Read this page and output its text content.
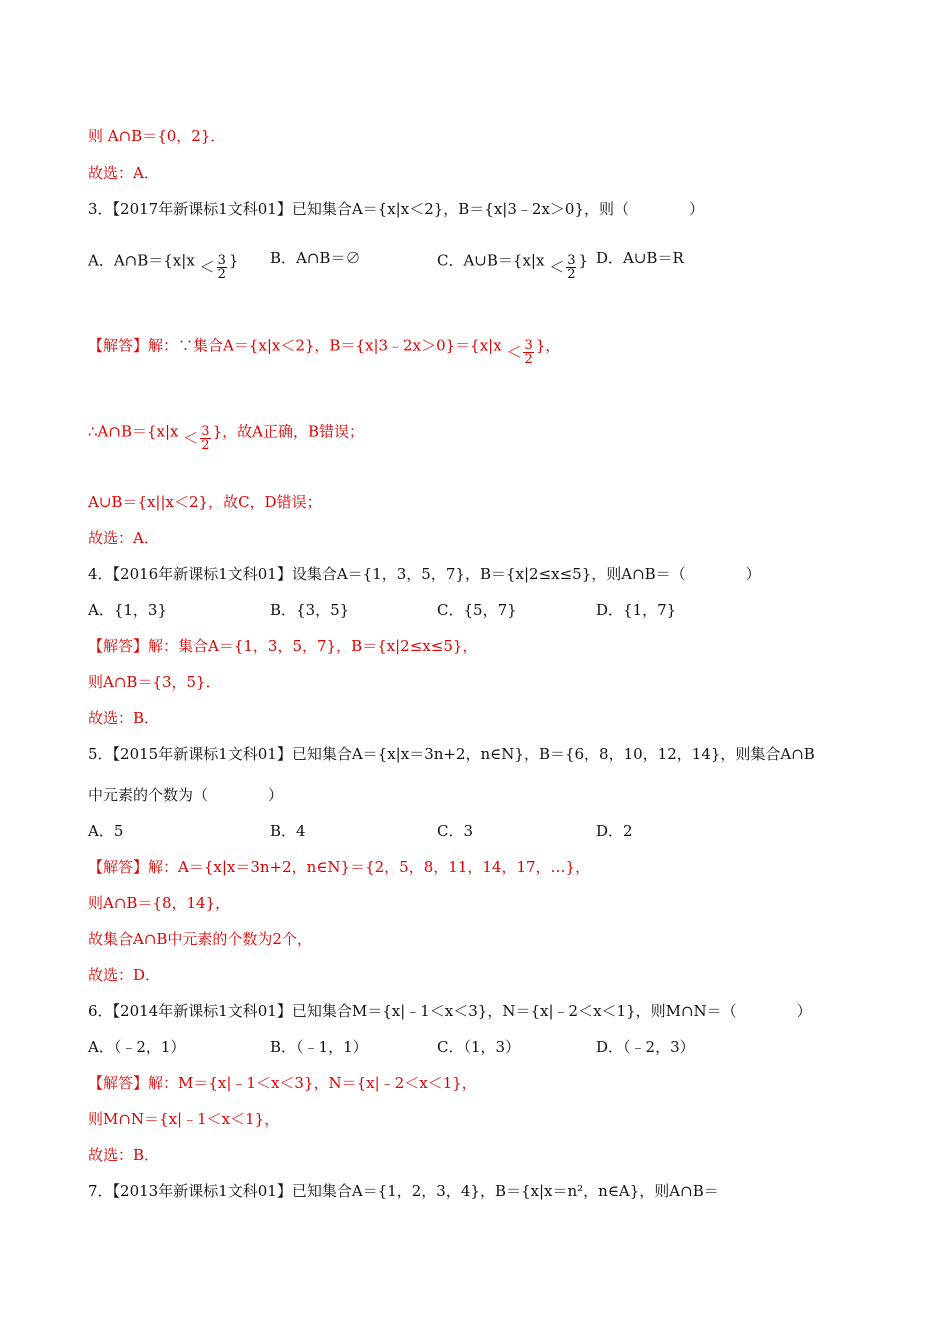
则 A∩B＝{0，2}．
故选：A．
3．【2017年新课标1文科01】已知集合A＝{x|x＜2}，B＝{x|3﹣2x＞0}，则（　　　　）
A．A∩B＝{x|x ＜ $\frac{3}{2}$ } B．A∩B＝∅	C．A∪B＝{x|x ＜ $\frac{3}{2}$ } D．A∪B＝R
【解答】解：∵集合A＝{x|x＜2}，B＝{x|3﹣2x＞0}＝{x|x ＜ $\frac{3}{2}$ }，
∴A∩B＝{x|x ＜ $\frac{3}{2}$ }，故A正确，B错误；
A∪B＝{x||x＜2}，故C，D错误；
故选：A．
4．【2016年新课标1文科01】设集合A＝{1，3，5，7}，B＝{x|2≤x≤5}，则A∩B＝（　　　　）
A．{1，3}	B．{3，5}	C．{5，7}	D．{1，7}
【解答】解：集合A＝{1，3，5，7}，B＝{x|2≤x≤5}，
则A∩B＝{3，5}．
故选：B．
5．【2015年新课标1文科01】已知集合A＝{x|x＝3n+2，n∈N}，B＝{6，8，10，12，14}，则集合A∩B
中元素的个数为（　　　　）
A．5	B．4	C．3	D．2
【解答】解：A＝{x|x＝3n+2，n∈N}＝{2，5，8，11，14，17，…}，
则A∩B＝{8，14}，
故集合A∩B中元素的个数为2个，
故选：D．
6．【2014年新课标1文科01】已知集合M＝{x|﹣1＜x＜3}，N＝{x|﹣2＜x＜1}，则M∩N＝（　　　　）
A．（﹣2，1）	B．（﹣1，1）	C．（1，3）	D．（﹣2，3）
【解答】解：M＝{x|﹣1＜x＜3}，N＝{x|﹣2＜x＜1}，
则M∩N＝{x|﹣1＜x＜1}，
故选：B．
7．【2013年新课标1文科01】已知集合A＝{1，2，3，4}，B＝{x|x＝n²，n∈A}，则A∩B＝
